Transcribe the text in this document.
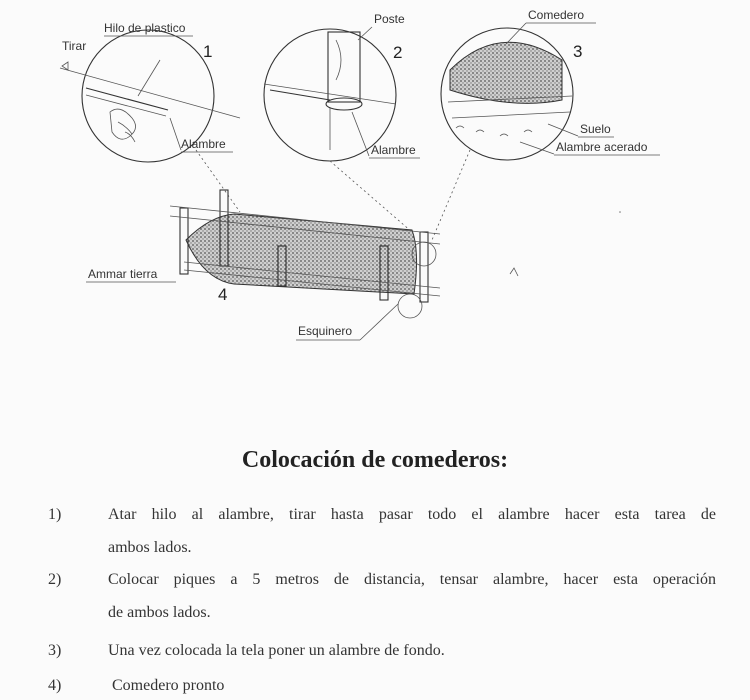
Hilo de plastico
Tirar	1
Alambre
Poste
2
Alambre
Comedero
3
Suelo
Alambre acerado
Ammar tierra
4
Esquinero
Colocación de comederos:
1)	Atar hilo al alambre, tirar hasta pasar todo el alambre hacer esta tarea de
ambos lados.
2)	Colocar piques a 5 metros de distancia, tensar alambre, hacer esta operación
de ambos lados.
3)	Una vez colocada la tela poner un alambre de fondo.
4)	Comedero pronto
